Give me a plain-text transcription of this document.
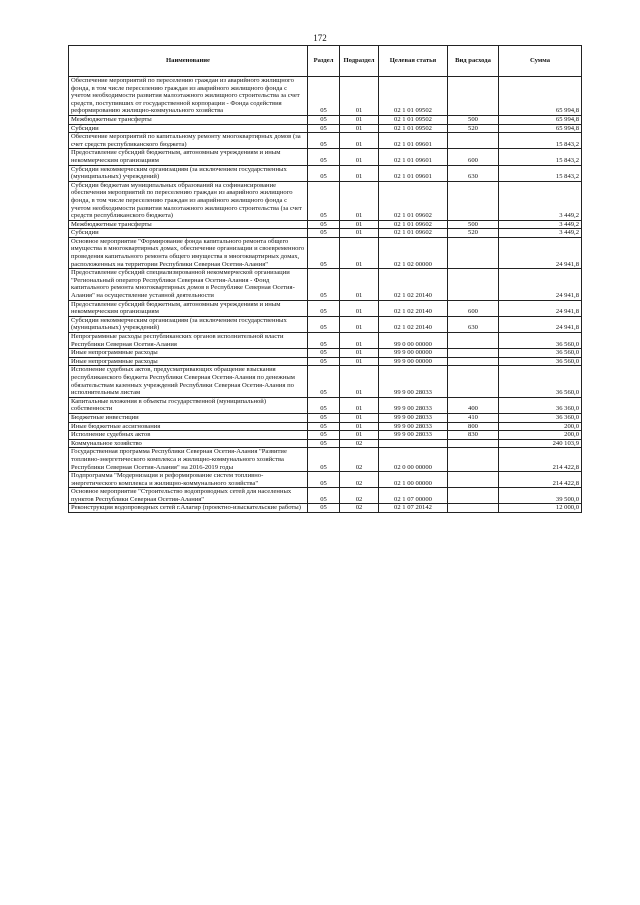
172
Наименование	Раздел	Подраздел	Целевая статья	Вид расхода	Сумма
Обеспечение мероприятий по переселению граждан из аварийного жилищного фонда, в том числе переселению граждан из аварийного жилищного фонда с учетом необходимости развития малоэтажного жилищного строительства за счет средств, поступивших от государственной корпорации - Фонда содействия реформированию жилищно-коммунального хозяйства	05	01	02 1 01 09502		65 994,8
Межбюджетные трансферты	05	01	02 1 01 09502	500	65 994,8
Субсидии	05	01	02 1 01 09502	520	65 994,8
Обеспечение мероприятий по капитальному ремонту многоквартирных домов (за счет средств республиканского бюджета)	05	01	02 1 01 09601		15 843,2
Предоставление субсидий бюджетным, автономным учреждениям и иным некоммерческим организациям	05	01	02 1 01 09601	600	15 843,2
Субсидии некоммерческим организациям (за исключением государственных (муниципальных) учреждений)	05	01	02 1 01 09601	630	15 843,2
Субсидии бюджетам муниципальных образований на софинансирование обеспечения мероприятий по переселению граждан из аварийного жилищного фонда, в том числе переселению граждан из аварийного жилищного фонда с учетом необходимости развития малоэтажного жилищного строительства (за счет средств республиканского бюджета)	05	01	02 1 01 09602		3 449,2
Межбюджетные трансферты	05	01	02 1 01 09602	500	3 449,2
Субсидии	05	01	02 1 01 09602	520	3 449,2
Основное мероприятие "Формирование фонда капитального ремонта общего имущества в многоквартирных домах, обеспечение организации и своевременного проведения капитального ремонта общего имущества в многоквартирных домах, расположенных на территории Республики Северная Осетия-Алания"	05	01	02 1 02 00000		24 941,8
Предоставление субсидий специализированной некоммерческой организации "Региональный оператор Республики Северная Осетия-Алания - Фонд капитального ремонта многоквартирных домов в Республике Северная Осетия-Алания" на осуществление уставной деятельности	05	01	02 1 02 20140		24 941,8
Предоставление субсидий бюджетным, автономным учреждениям и иным некоммерческим организациям	05	01	02 1 02 20140	600	24 941,8
Субсидии некоммерческим организациям (за исключением государственных (муниципальных) учреждений)	05	01	02 1 02 20140	630	24 941,8
Непрограммные расходы республиканских органов исполнительной власти Республики Северная Осетия-Алания	05	01	99 0 00 00000		36 560,0
Иные непрограммные расходы	05	01	99 9 00 00000		36 560,0
Иные непрограммные расходы	05	01	99 9 00 00000		36 560,0
Исполнение судебных актов, предусматривающих обращение взыскания республиканского бюджета Республики Северная Осетия-Алания по денежным обязательствам казенных учреждений Республики Северная Осетия-Алания по исполнительным листам	05	01	99 9 00 28033		36 560,0
Капитальные вложения в объекты государственной (муниципальной) собственности	05	01	99 9 00 28033	400	36 360,0
Бюджетные инвестиции	05	01	99 9 00 28033	410	36 360,0
Иные бюджетные ассигнования	05	01	99 9 00 28033	800	200,0
Исполнение судебных актов	05	01	99 9 00 28033	830	200,0
Коммунальное хозяйство	05	02			240 103,9
Государственная программа Республики Северная Осетия-Алания "Развитие топливно-энергетического комплекса и жилищно-коммунального хозяйства Республики Северная Осетия-Алания" на 2016-2019 годы	05	02	02 0 00 00000		214 422,8
Подпрограмма "Модернизация и реформирование систем топливно-энергетического комплекса и жилищно-коммунального хозяйства"	05	02	02 1 00 00000		214 422,8
Основное мероприятие "Строительство водопроводных сетей для населенных пунктов Республики Северная Осетия-Алания"	05	02	02 1 07 00000		39 500,0
Реконструкция водопроводных сетей г.Алагир (проектно-изыскательские работы)	05	02	02 1 07 20142		12 000,0
